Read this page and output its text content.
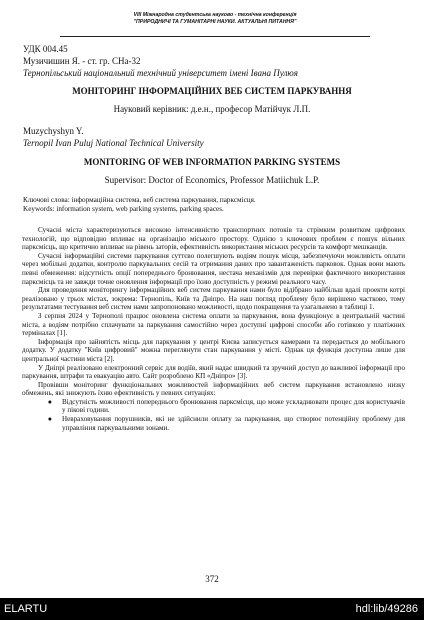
VIII Міжнародна студентська науково - технічна конференція
"ПРИРОДНИЧІ ТА ГУМАНІТАРНІ НАУКИ. АКТУАЛЬНІ ПИТАННЯ"
УДК 004.45
Музичишин Я. - ст. гр. СНа-32
Тернопільський національний технічний університет імені Івана Пулюя
МОНІТОРИНГ ІНФОРМАЦІЙНИХ ВЕБ СИСТЕМ ПАРКУВАННЯ
Науковий керівник: д.е.н., професор Матійчук Л.П.
Muzychyshyn Y.
Ternopil Ivan Puluj National Technical University
MONITORING OF WEB INFORMATION PARKING SYSTEMS
Supervisor: Doctor of Economics, Professor Matiichuk L.P.
Ключові слова: інформаційна система, веб система паркування, парксмісця.
Keywords: information system, web parking systems, parking spaces.

Сучасні міста характеризуються високою інтенсивністю транспортних потоків та стрімким розвитком цифрових технологій, що відповідно впливає на організацію міського простору. Однією з ключових проблем є пошук вільних парксмісць, що критично впливає на рівень заторів, ефективність використання міських ресурсів та комфорт мешканців.

Сучасні інформаційні системи паркування суттєво полегшують водіям пошук місця, забезпечуючи можливість оплати через мобільні додатки, контролю паркувальних сесій та отримання даних про завантаженість парковок. Однак вони мають певні обмеження: відсутність опції попереднього бронювання, нестача механізмів для перевірки фактичного використання парксмісць та не завжди точне оновлення інформації про їхню доступність у режимі реального часу.

Для проведення моніторингу інформаційних веб систем паркування нами було відібрано найбільш вдалі проекти котрі реалізовано у трьох містах, зокрема: Тернопіль, Київ та Дніпро. На наш погляд проблему було вирішено частково, тому результатами тестування веб систем нами запропоновано можливості, щодо покращення та узагальнено в таблиці 1.

З серпня 2024 у Тернополі працює оновлена система оплати за паркування, вона функціонує в центральній частині міста, а водіям потрібно сплачувати за паркування самостійно через доступні цифрові способи або готівкою у платіжних терміналах [1].

Інформація про зайнятість місць для паркування у центрі Києва записується камерами та передається до мобільного додатку. У додатку "Київ цифровий" можна переглянути стан паркування у місті. Однак ця функція доступна лише для центральної частини міста [2].

У Дніпрі реалізовано електронний сервіс для водіїв, який надає швидкий та зручний доступ до важливої інформації про паркування, штрафи та евакуацію авто. Сайт розроблено КП «Дніпро» [3].

Провівши моніторинг функціональних можливостей інформаційних веб систем паркування встановлено низку обмежень, які знижують їхню ефективність у певних ситуаціях:

●	Відсутність можливості попереднього бронювання парксмісця, що може ускладнювати процес для користувачів у пікові години.
●	Невраховування порушників, які не здійснили оплату за паркування, що створює потенційну проблему для управління паркувальними зонами.
372
ELARTU	hdl:lib/49286
